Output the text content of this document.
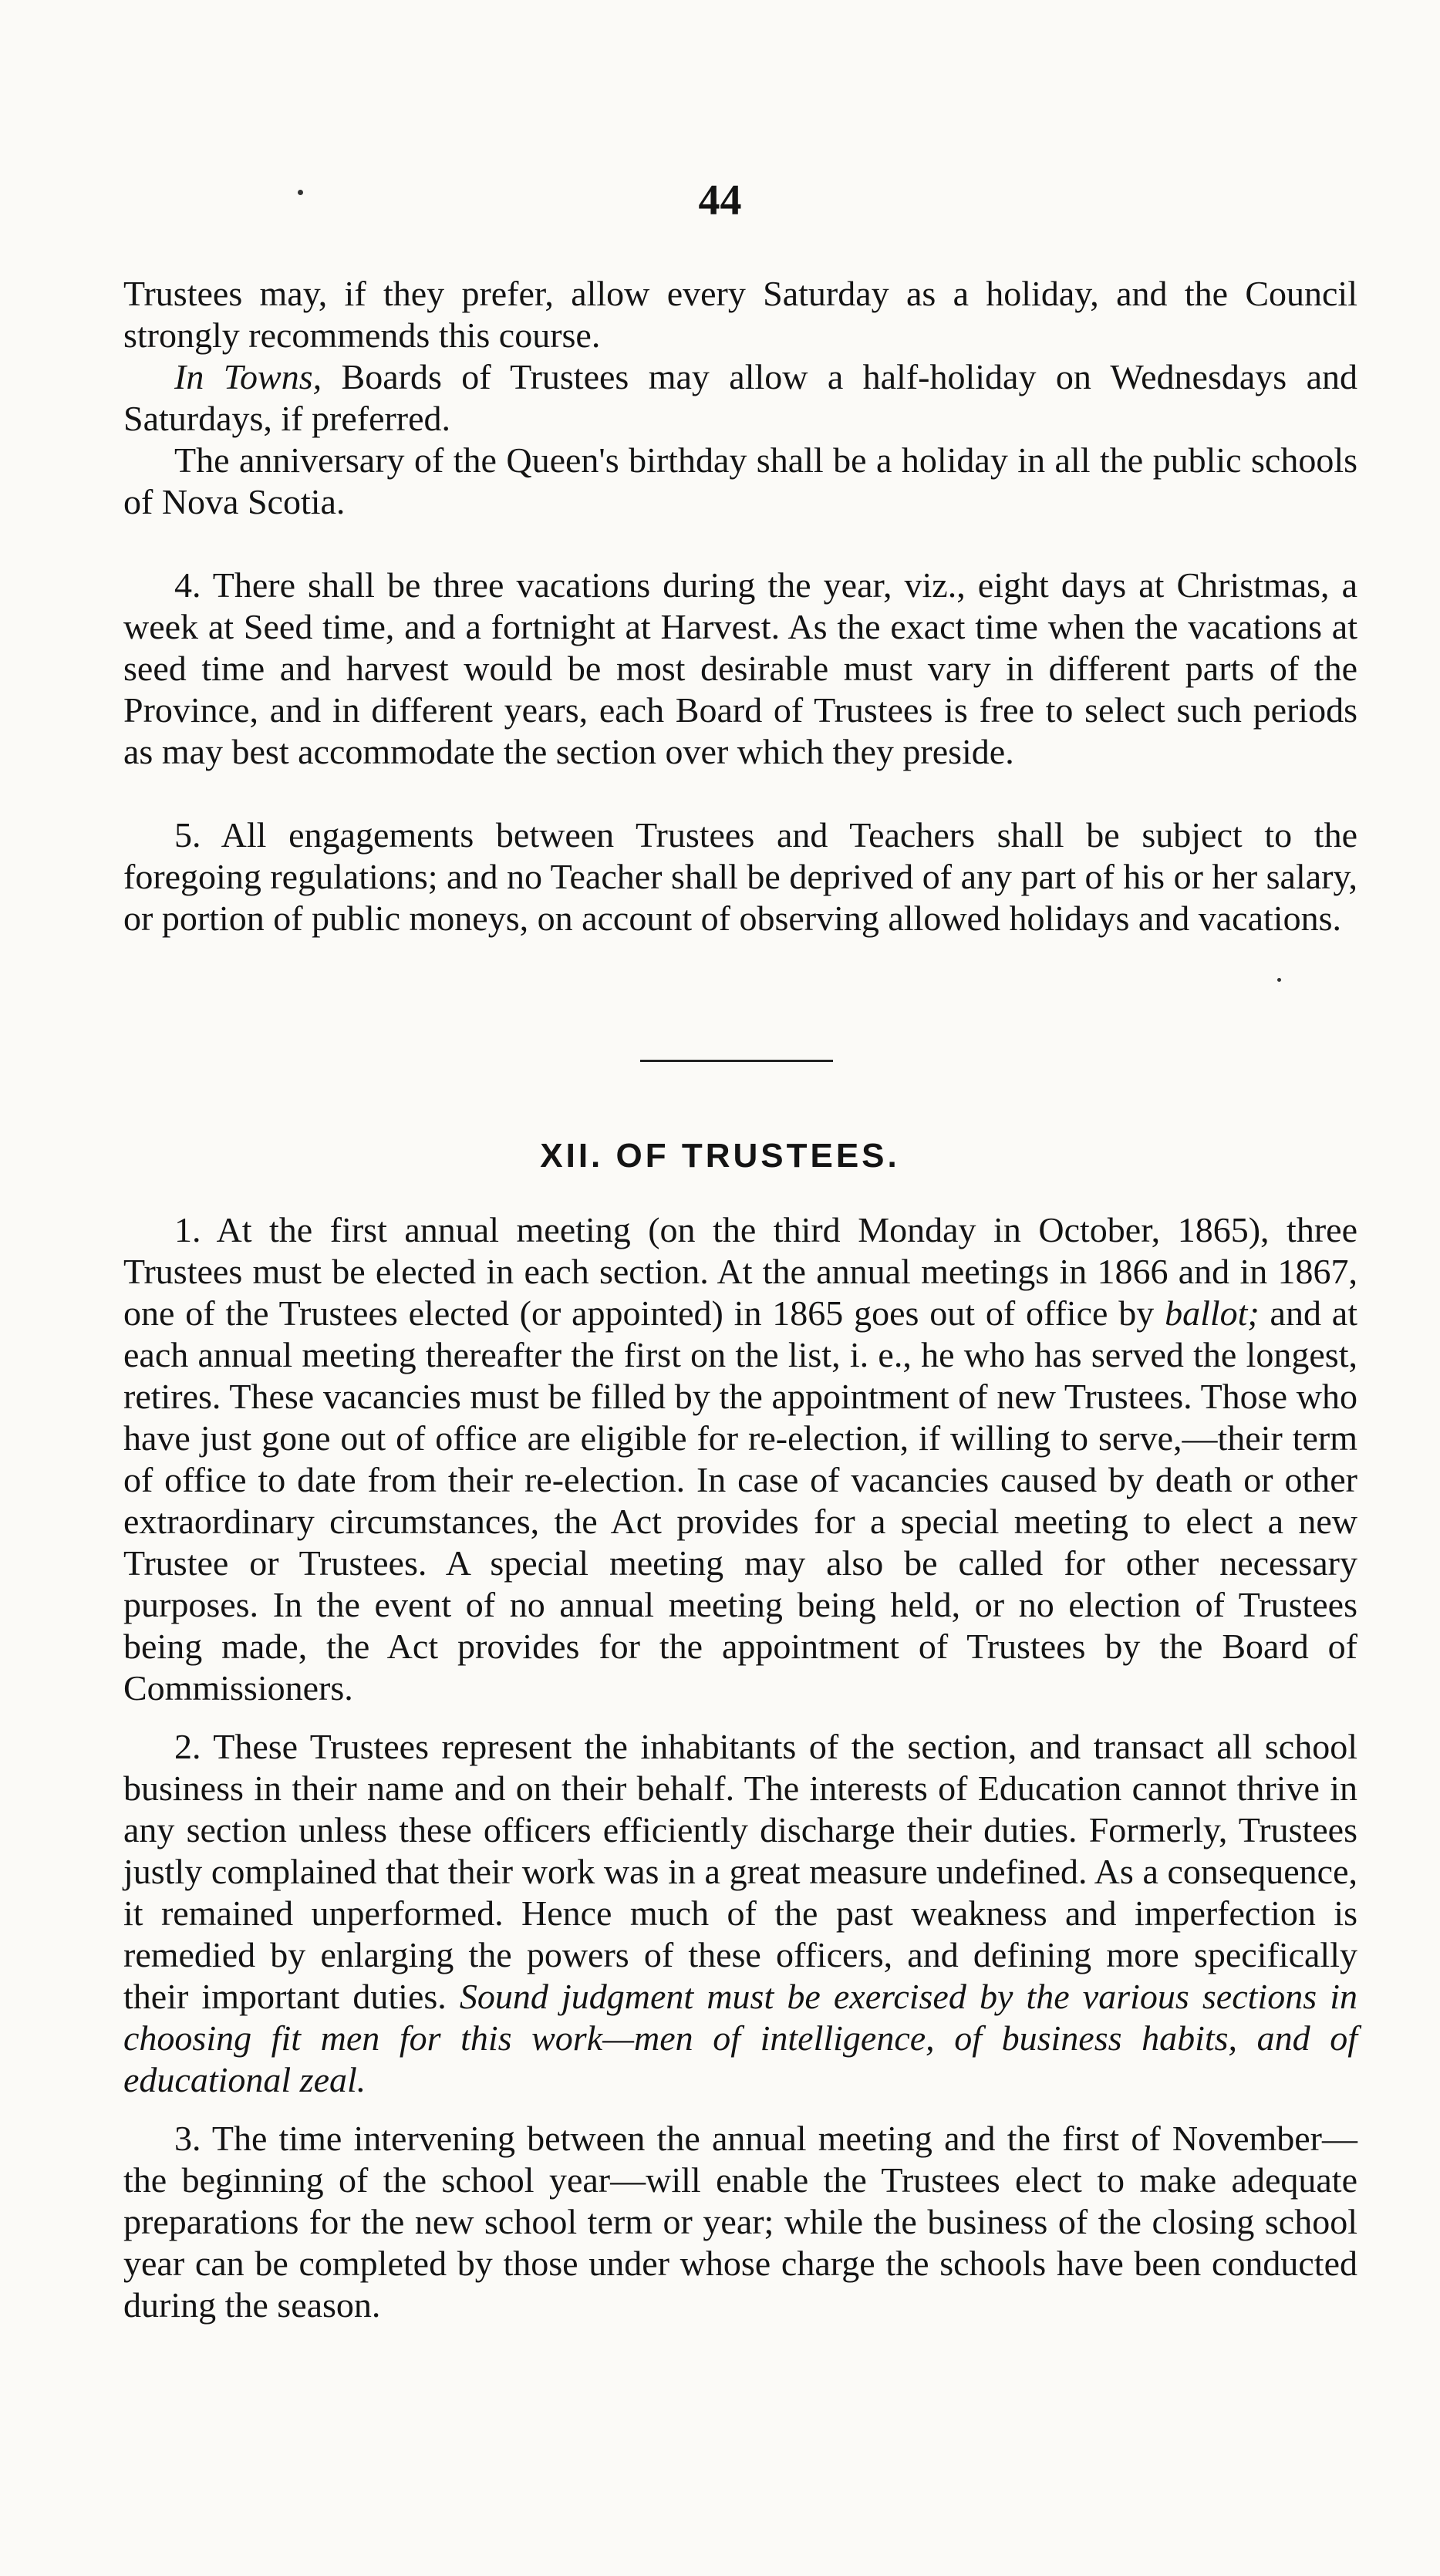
44

Trustees may, if they prefer, allow every Saturday as a holiday, and the Council strongly recommends this course.

In Towns, Boards of Trustees may allow a half-holiday on Wednesdays and Saturdays, if preferred.

The anniversary of the Queen's birthday shall be a holiday in all the public schools of Nova Scotia.

4. There shall be three vacations during the year, viz., eight days at Christmas, a week at Seed time, and a fortnight at Harvest. As the exact time when the vacations at seed time and harvest would be most desirable must vary in different parts of the Province, and in different years, each Board of Trustees is free to select such periods as may best accommodate the section over which they preside.

5. All engagements between Trustees and Teachers shall be subject to the foregoing regulations; and no Teacher shall be deprived of any part of his or her salary, or portion of public moneys, on account of observing allowed holidays and vacations.

XII. OF TRUSTEES.

1. At the first annual meeting (on the third Monday in October, 1865), three Trustees must be elected in each section. At the annual meetings in 1866 and in 1867, one of the Trustees elected (or appointed) in 1865 goes out of office by ballot; and at each annual meeting thereafter the first on the list, i. e., he who has served the longest, retires. These vacancies must be filled by the appointment of new Trustees. Those who have just gone out of office are eligible for re-election, if willing to serve,—their term of office to date from their re-election. In case of vacancies caused by death or other extraordinary circumstances, the Act provides for a special meeting to elect a new Trustee or Trustees. A special meeting may also be called for other necessary purposes. In the event of no annual meeting being held, or no election of Trustees being made, the Act provides for the appointment of Trustees by the Board of Commissioners.

2. These Trustees represent the inhabitants of the section, and transact all school business in their name and on their behalf. The interests of Education cannot thrive in any section unless these officers efficiently discharge their duties. Formerly, Trustees justly complained that their work was in a great measure undefined. As a consequence, it remained unperformed. Hence much of the past weakness and imperfection is remedied by enlarging the powers of these officers, and defining more specifically their important duties. Sound judgment must be exercised by the various sections in choosing fit men for this work—men of intelligence, of business habits, and of educational zeal.

3. The time intervening between the annual meeting and the first of November—the beginning of the school year—will enable the Trustees elect to make adequate preparations for the new school term or year; while the business of the closing school year can be completed by those under whose charge the schools have been conducted during the season.
